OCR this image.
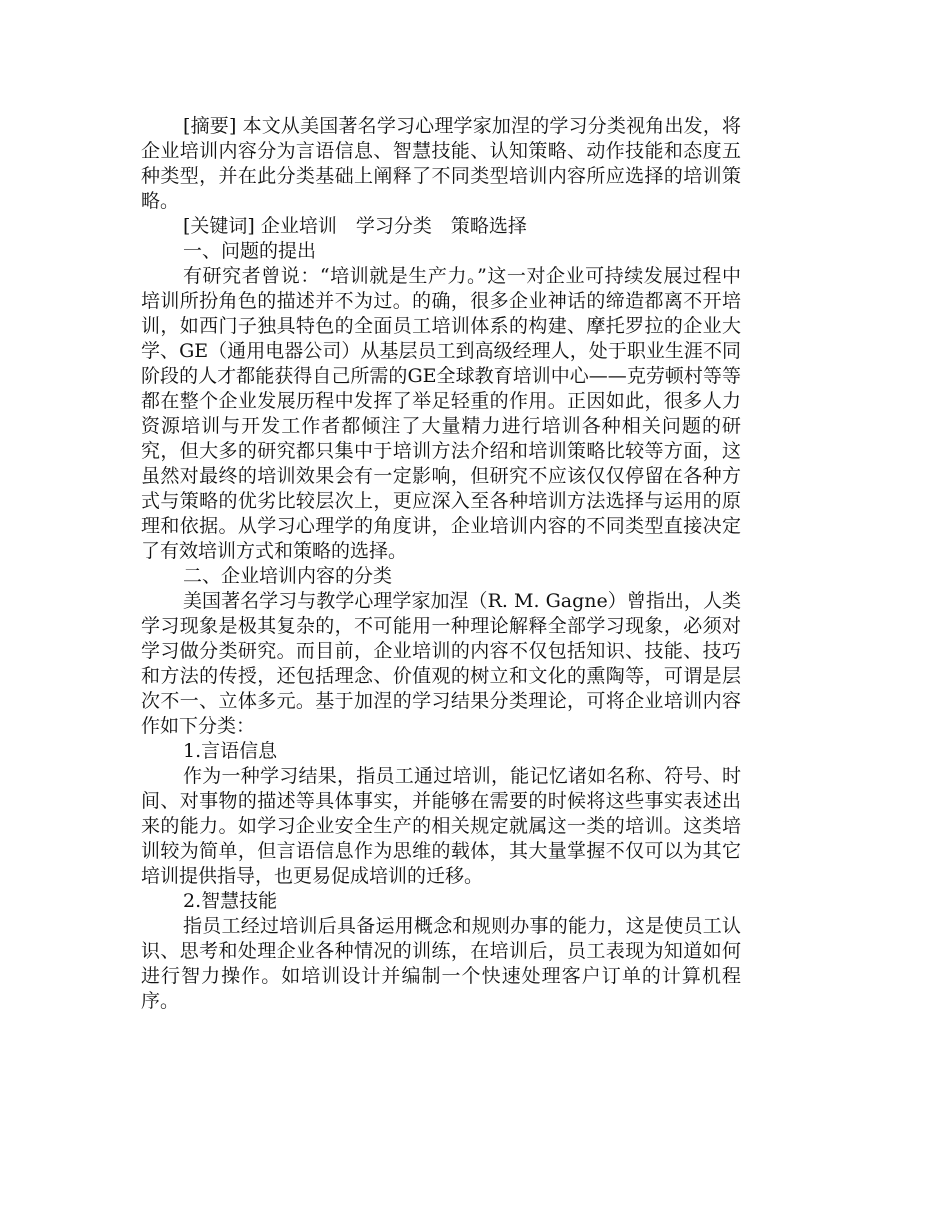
[摘要] 本文从美国著名学习心理学家加涅的学习分类视角出发，将企业培训内容分为言语信息、智慧技能、认知策略、动作技能和态度五种类型，并在此分类基础上阐释了不同类型培训内容所应选择的培训策略。

[关键词] 企业培训　学习分类　策略选择

一、问题的提出

有研究者曾说：“培训就是生产力。”这一对企业可持续发展过程中培训所扮角色的描述并不为过。的确，很多企业神话的缔造都离不开培训，如西门子独具特色的全面员工培训体系的构建、摩托罗拉的企业大学、GE（通用电器公司）从基层员工到高级经理人，处于职业生涯不同阶段的人才都能获得自己所需的GE全球教育培训中心——克劳顿村等等都在整个企业发展历程中发挥了举足轻重的作用。正因如此，很多人力资源培训与开发工作者都倾注了大量精力进行培训各种相关问题的研究，但大多的研究都只集中于培训方法介绍和培训策略比较等方面，这虽然对最终的培训效果会有一定影响，但研究不应该仅仅停留在各种方式与策略的优劣比较层次上，更应深入至各种培训方法选择与运用的原理和依据。从学习心理学的角度讲，企业培训内容的不同类型直接决定了有效培训方式和策略的选择。

二、企业培训内容的分类

美国著名学习与教学心理学家加涅（R. M. Gagne）曾指出，人类学习现象是极其复杂的，不可能用一种理论解释全部学习现象，必须对学习做分类研究。而目前，企业培训的内容不仅包括知识、技能、技巧和方法的传授，还包括理念、价值观的树立和文化的熏陶等，可谓是层次不一、立体多元。基于加涅的学习结果分类理论，可将企业培训内容作如下分类：

1.言语信息

作为一种学习结果，指员工通过培训，能记忆诸如名称、符号、时间、对事物的描述等具体事实，并能够在需要的时候将这些事实表述出来的能力。如学习企业安全生产的相关规定就属这一类的培训。这类培训较为简单，但言语信息作为思维的载体，其大量掌握不仅可以为其它培训提供指导，也更易促成培训的迁移。

2.智慧技能

指员工经过培训后具备运用概念和规则办事的能力，这是使员工认识、思考和处理企业各种情况的训练，在培训后，员工表现为知道如何进行智力操作。如培训设计并编制一个快速处理客户订单的计算机程序。
